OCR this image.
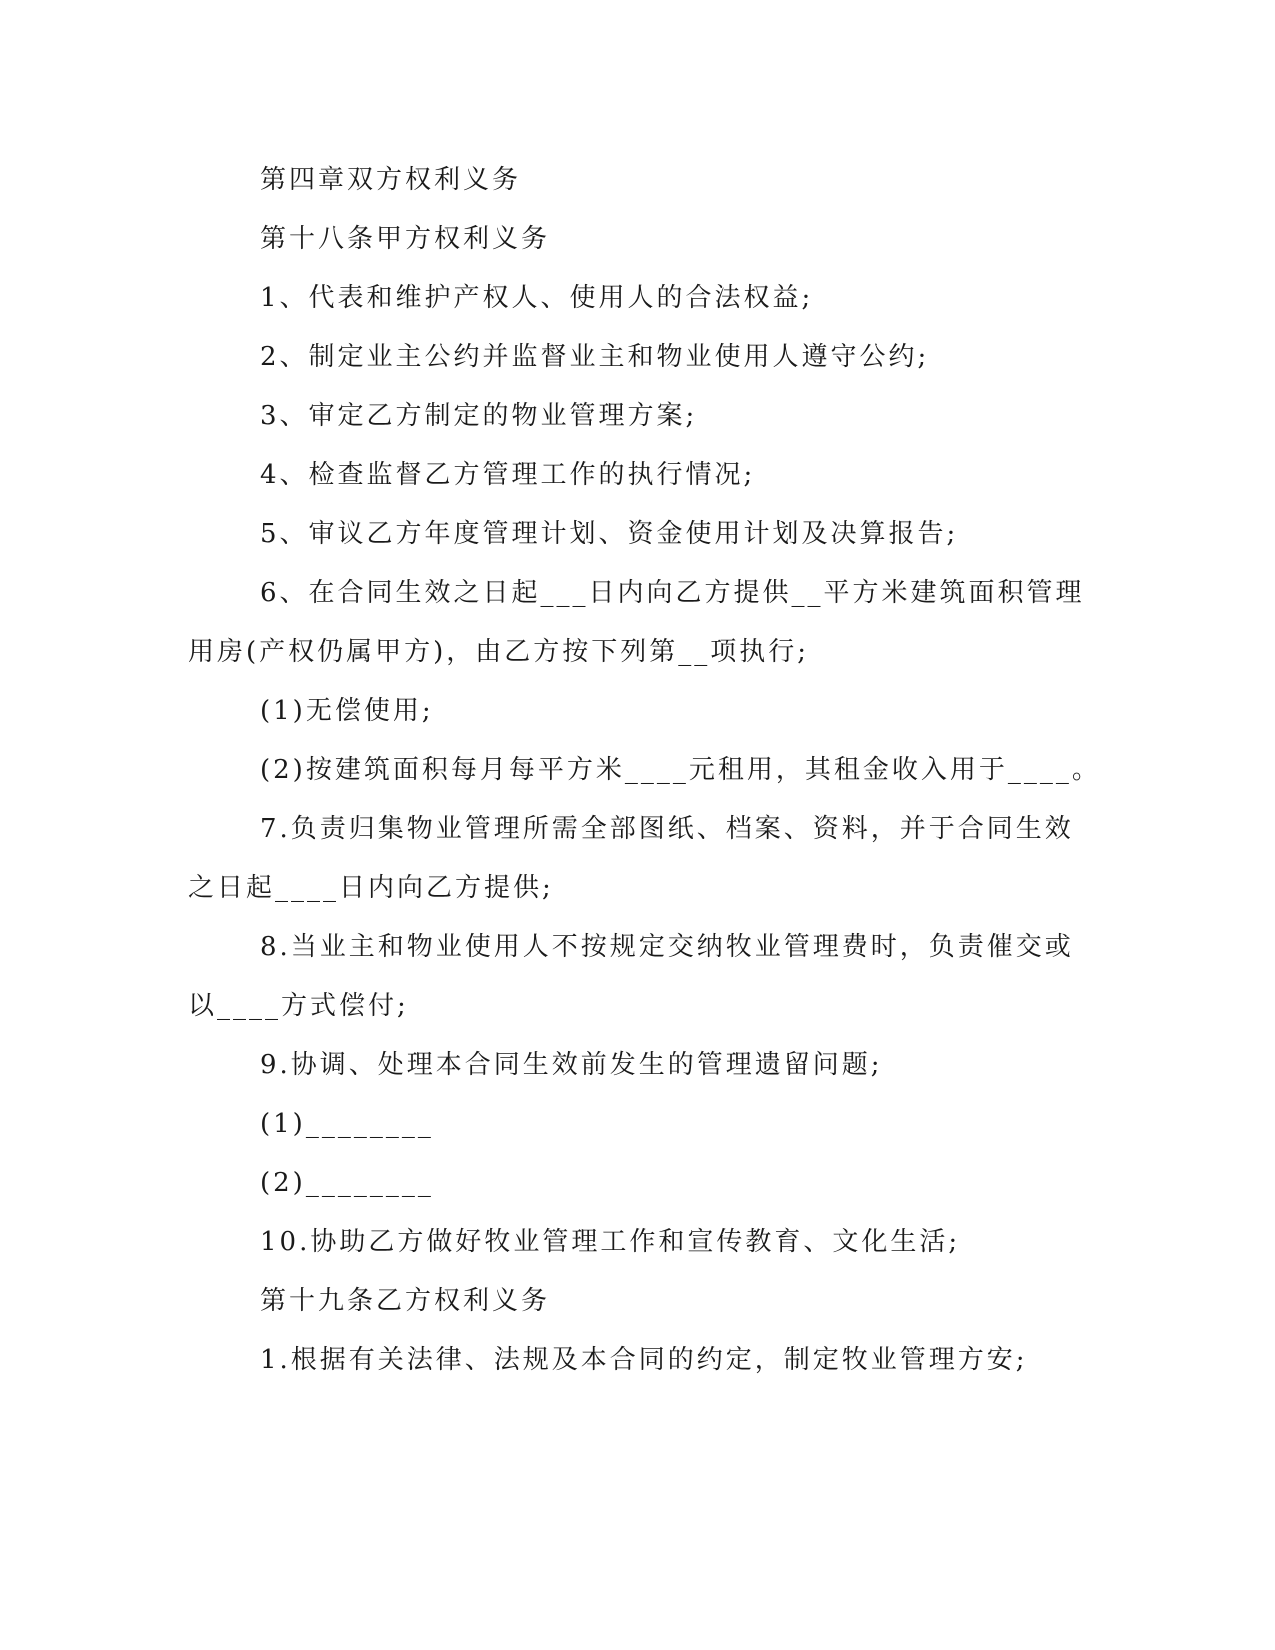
第四章双方权利义务
第十八条甲方权利义务
1、代表和维护产权人、使用人的合法权益;
2、制定业主公约并监督业主和物业使用人遵守公约;
3、审定乙方制定的物业管理方案;
4、检查监督乙方管理工作的执行情况;
5、审议乙方年度管理计划、资金使用计划及决算报告;
6、在合同生效之日起___日内向乙方提供__平方米建筑面积管理
用房(产权仍属甲方)，由乙方按下列第__项执行;
(1)无偿使用;
(2)按建筑面积每月每平方米____元租用，其租金收入用于____。
7.负责归集物业管理所需全部图纸、档案、资料，并于合同生效
之日起____日内向乙方提供;
8.当业主和物业使用人不按规定交纳牧业管理费时，负责催交或
以____方式偿付;
9.协调、处理本合同生效前发生的管理遗留问题;
(1)________
(2)________
10.协助乙方做好牧业管理工作和宣传教育、文化生活;
第十九条乙方权利义务
1.根据有关法律、法规及本合同的约定，制定牧业管理方安;
